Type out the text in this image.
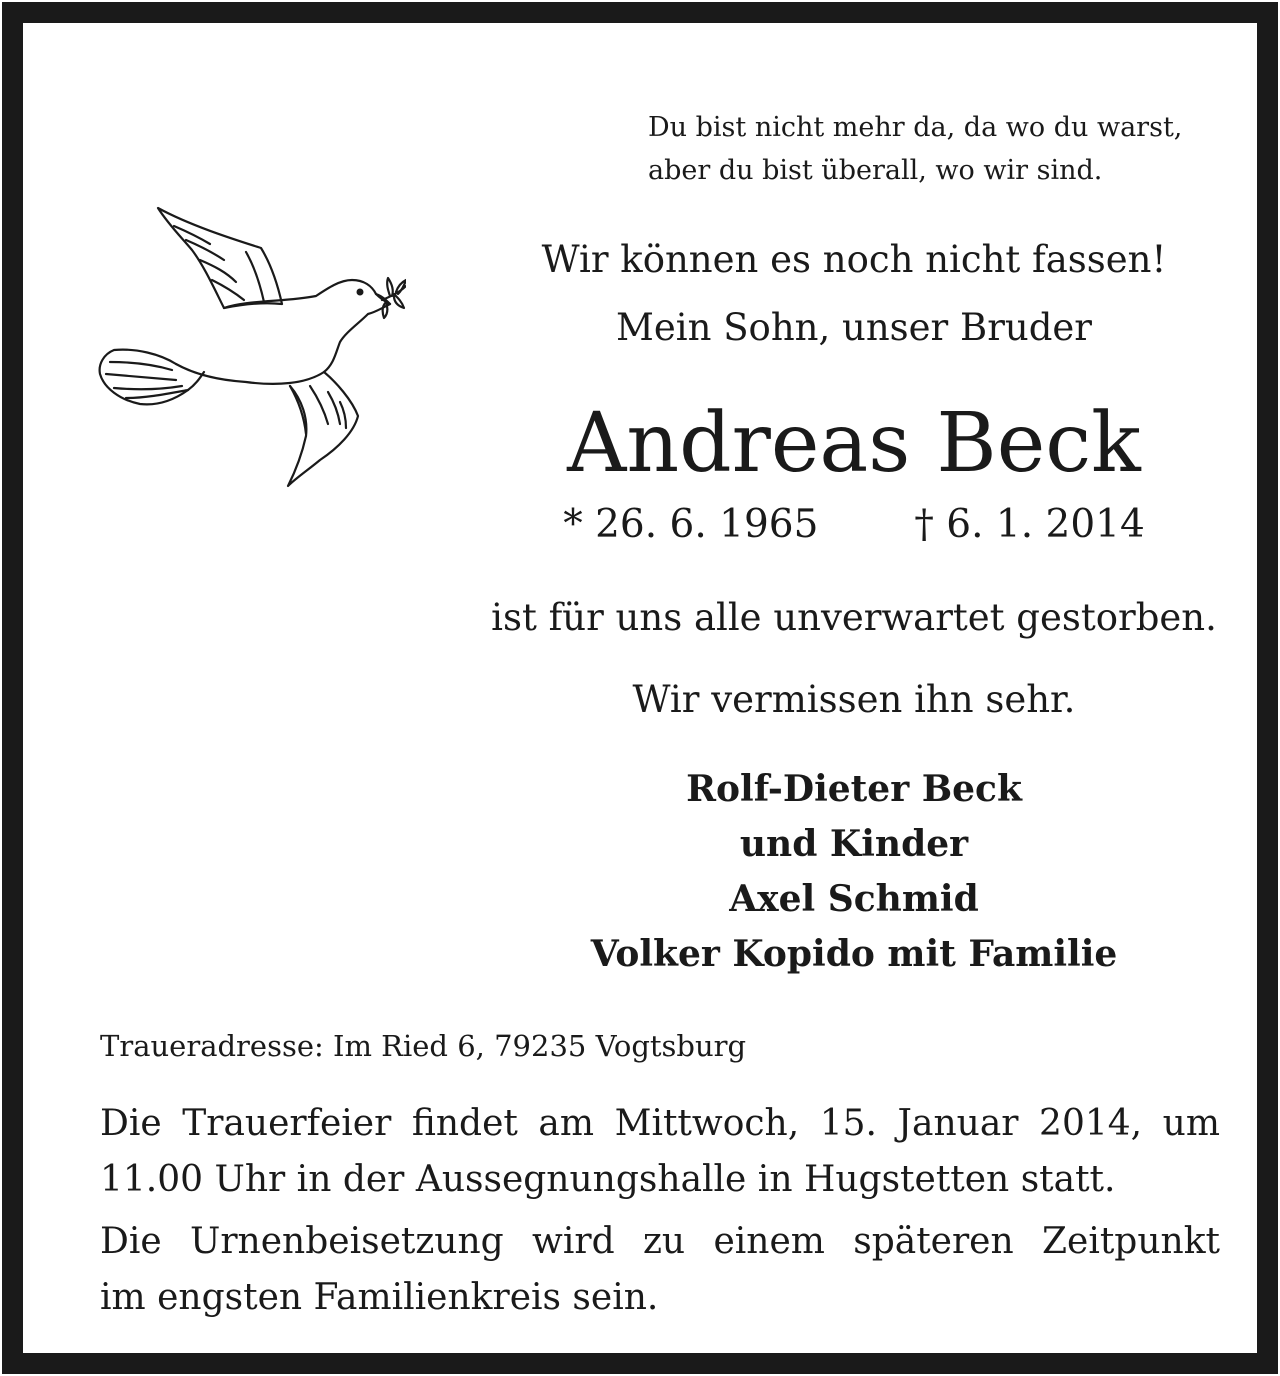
Du bist nicht mehr da, da wo du warst,
aber du bist überall, wo wir sind.
Wir können es noch nicht fassen!
Mein Sohn, unser Bruder
Andreas Beck
* 26. 6. 1965 † 6. 1. 2014
ist für uns alle unverwartet gestorben.
Wir vermissen ihn sehr.
Rolf-Dieter Beck
und Kinder
Axel Schmid
Volker Kopido mit Familie
Traueradresse: Im Ried 6, 79235 Vogtsburg
Die Trauerfeier findet am Mittwoch, 15. Januar 2014, um
11.00 Uhr in der Aussegnungshalle in Hugstetten statt.
Die Urnenbeisetzung wird zu einem späteren Zeitpunkt
im engsten Familienkreis sein.
